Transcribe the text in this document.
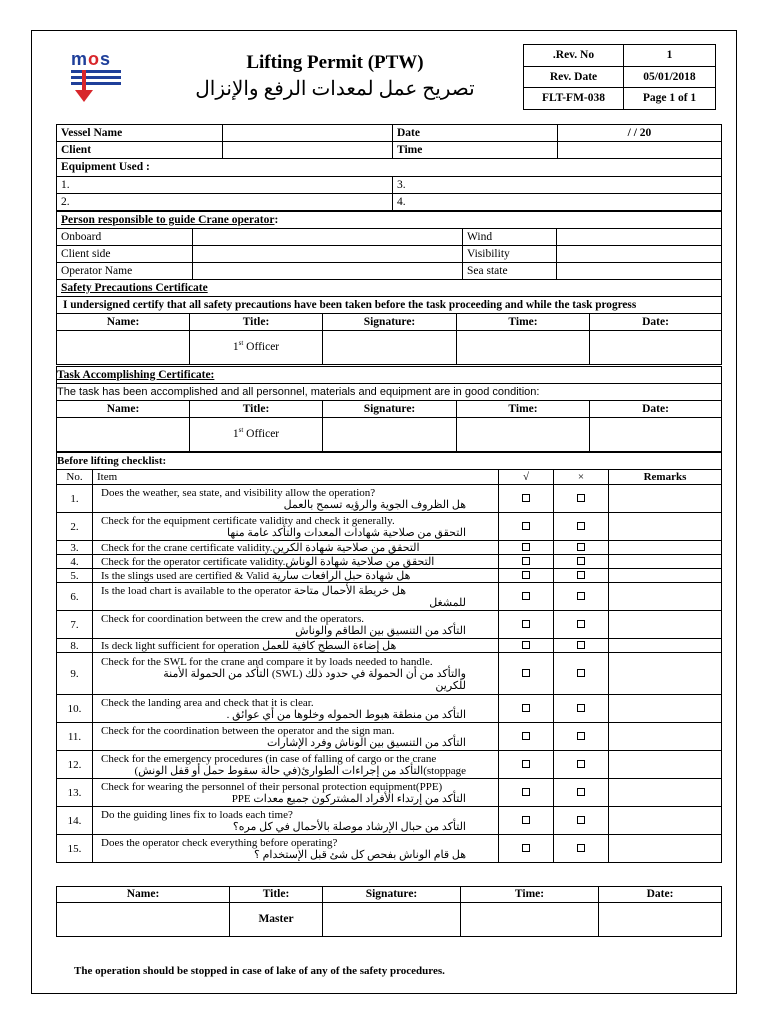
m o s	Lifting Permit (PTW)
تصريح عمل لمعدات الرفع والإنزال
.Rev. No	1
Rev. Date	05/01/2018
FLT-FM-038	Page 1 of 1
Vessel Name		Date	/ / 20
Client		Time	
Equipment Used :			
1.		3.	
2.		4.	
Person responsible to guide Crane operator:			
Onboard		Wind	
Client side		Visibility	
Operator Name		Sea state	
Safety Precautions Certificate				
I undersigned certify that all safety precautions have been taken before the task proceeding and while the task progress				
Name:	Title:	Signature:	Time:	Date:
	1st Officer			
Task Accomplishing Certificate:				
The task has been accomplished and all personnel, materials and equipment are in good condition:				
Name:	Title:	Signature:	Time:	Date:
	1st Officer			
Before lifting checklist:				
No.	Item	√	×	Remarks
1.	Does the weather, sea state, and visibility allow the operation?
هل الظروف الجوية والرؤيه تسمح بالعمل			

2.	Check for the equipment certificate validity and check it generally.
التحقق من صلاحية شهادات المعدات والتأكد عامة منها			

3.	Check for the crane certificate validity.التحقق من صلاحية شهادة الكرين			

4.	Check for the operator certificate validity.التحقق من صلاحية شهادة الوناش			

5.	Is the slings used are certified & Valid هل شهادة حبل الرافعات سارية			

6.	Is the load chart is available to the operator هل خريطة الأحمال متاحة
للمشغل			

7.	Check for coordination between the crew and the operators.
التأكد من التنسيق بين الطاقم والوناش			

8.	Is deck light sufficient for operation هل إضاءة السطح كافية للعمل			

9.	Check for the SWL for the crane and compare it by loads needed to handle.
والتأكد من أن الحمولة في حدود ذلك (SWL) التأكد من الحمولة الأمنة
للكرين			

10.	Check the landing area and check that it is clear.
التأكد من منطقة هبوط الحموله وخلوها من أي عوائق .			

11.	Check for the coordination between the operator and the sign man.
التأكد من التنسيق بين الوناش وفرد الإشارات			

12.	Check for the emergency procedures (in case of falling of cargo or the crane
stoppage)التأكد من إجراءات الطوارئ(في حالة سقوط حمل أو قفل الونش)			

13.	Check for wearing the personnel of their personal protection equipment(PPE)
التأكد من إرتداء الأفراد المشتركون جميع معدات PPE			

14.	Do the guiding lines fix to loads each time?
التأكد من حبال الإرشاد موصلة بالأحمال في كل مره؟			

15.	Does the operator check everything before operating?
هل قام الوناش بفحص كل شئ قبل الإستخدام ؟			

Name:	Title:	Signature:	Time:	Date:
	Master			
The operation should be stopped in case of lake of any of the safety procedures.
